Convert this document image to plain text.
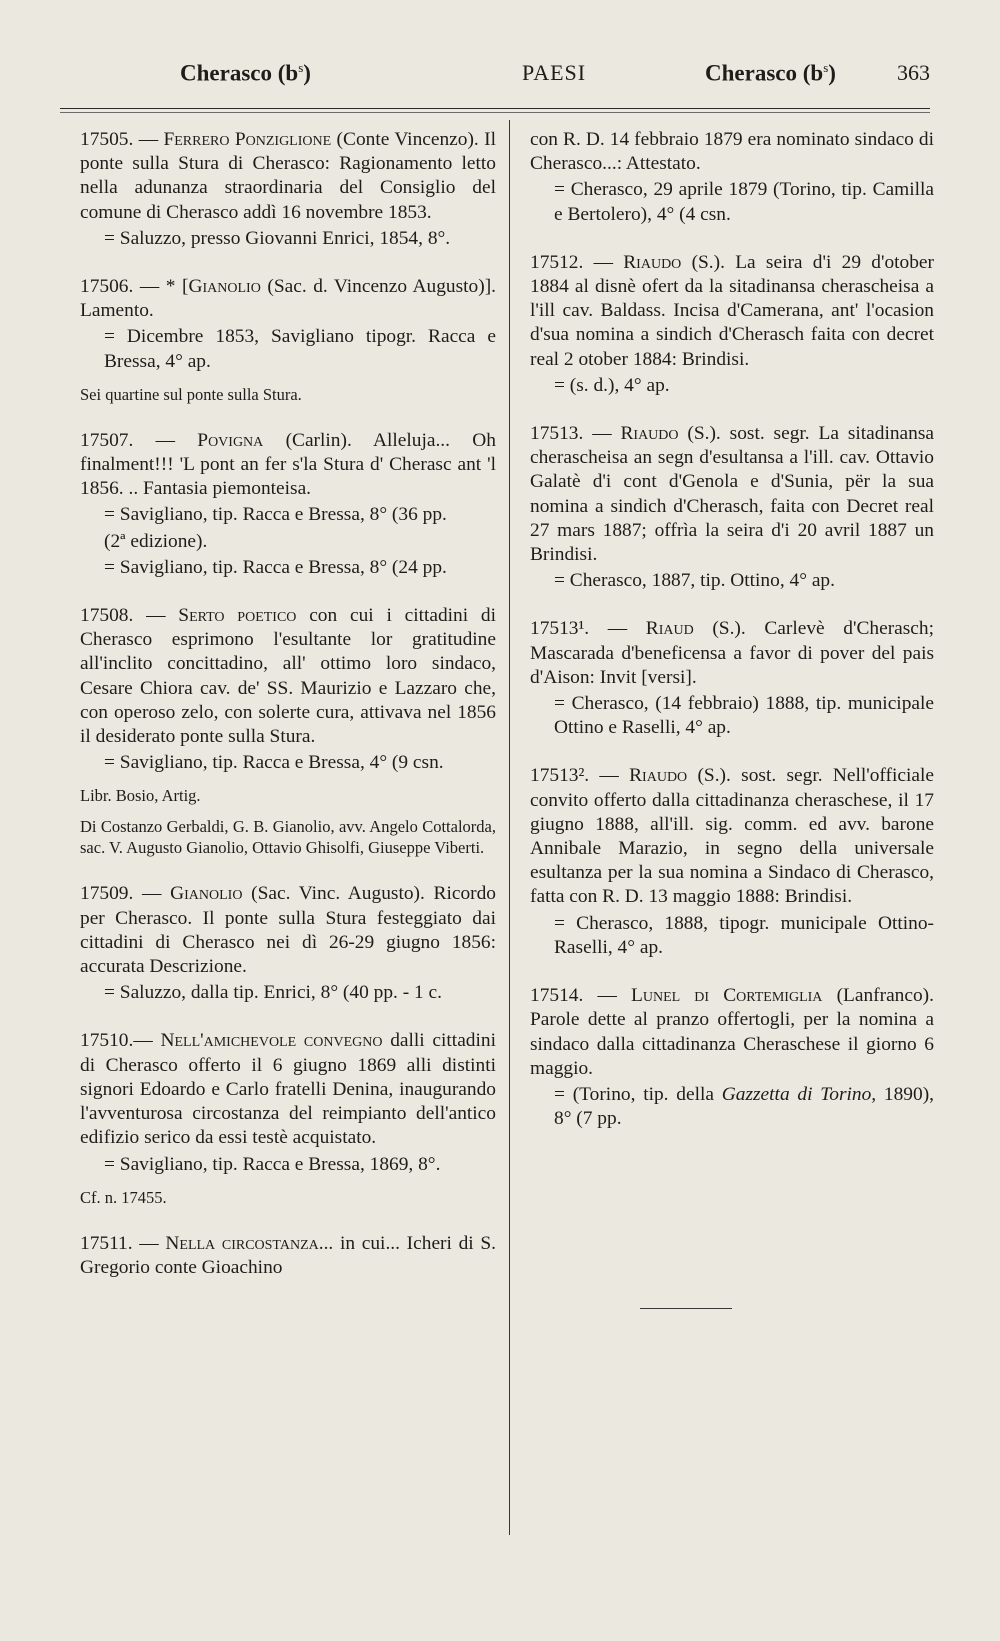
Cherasco $(b^s)$	PAESI	Cherasco $(b^s)$	363

17505. — Ferrero Ponziglione (Conte Vincenzo). Il ponte sulla Stura di Cherasco: Ragionamento letto nella adunanza straordinaria del Consiglio del comune di Cherasco addì 16 novembre 1853.

= Saluzzo, presso Giovanni Enrici, 1854, 8°.

17506. — * [Gianolio (Sac. d. Vincenzo Augusto)]. Lamento.

= Dicembre 1853, Savigliano tipogr. Racca e Bressa, 4° ap.

Sei quartine sul ponte sulla Stura.

17507. — Povigna (Carlin). Alleluja... Oh finalment!!! 'L pont an fer s'la Stura d' Cherasc ant 'l 1856. .. Fantasia piemonteisa.

= Savigliano, tip. Racca e Bressa, 8° (36 pp.

(2ª edizione).

= Savigliano, tip. Racca e Bressa, 8° (24 pp.

17508. — Serto poetico con cui i cittadini di Cherasco esprimono l'esultante lor gratitudine all'inclito concittadino, all' ottimo loro sindaco, Cesare Chiora cav. de' SS. Maurizio e Lazzaro che, con operoso zelo, con solerte cura, attivava nel 1856 il desiderato ponte sulla Stura.

= Savigliano, tip. Racca e Bressa, 4° (9 csn.

Libr. Bosio, Artig.

Di Costanzo Gerbaldi, G. B. Gianolio, avv. Angelo Cottalorda, sac. V. Augusto Gianolio, Ottavio Ghisolfi, Giuseppe Viberti.

17509. — Gianolio (Sac. Vinc. Augusto). Ricordo per Cherasco. Il ponte sulla Stura festeggiato dai cittadini di Cherasco nei dì 26-29 giugno 1856: accurata Descrizione.

= Saluzzo, dalla tip. Enrici, 8° (40 pp. - 1 c.

17510.— Nell'amichevole convegno dalli cittadini di Cherasco offerto il 6 giugno 1869 alli distinti signori Edoardo e Carlo fratelli Denina, inaugurando l'avventurosa circostanza del reimpianto dell'antico edifizio serico da essi testè acquistato.

= Savigliano, tip. Racca e Bressa, 1869, 8°.

Cf. n. 17455.

17511. — Nella circostanza... in cui... Icheri di S. Gregorio conte Gioachino

con R. D. 14 febbraio 1879 era nominato sindaco di Cherasco...: Attestato.

= Cherasco, 29 aprile 1879 (Torino, tip. Camilla e Bertolero), 4° (4 csn.

17512. — Riaudo (S.). La seira d'i 29 d'otober 1884 al disnè ofert da la sitadinansa cherascheisa a l'ill cav. Baldass. Incisa d'Camerana, ant' l'ocasion d'sua nomina a sindich d'Cherasch faita con decret real 2 otober 1884: Brindisi.

= (s. d.), 4° ap.

17513. — Riaudo (S.). sost. segr. La sitadinansa cherascheisa an segn d'esultansa a l'ill. cav. Ottavio Galatè d'i cont d'Genola e d'Sunia, për la sua nomina a sindich d'Cherasch, faita con Decret real 27 mars 1887; offrìa la seira d'i 20 avril 1887 un Brindisi.

= Cherasco, 1887, tip. Ottino, 4° ap.

17513¹. — Riaud (S.). Carlevè d'Cherasch; Mascarada d'beneficensa a favor di pover del pais d'Aison: Invit [versi].

= Cherasco, (14 febbraio) 1888, tip. municipale Ottino e Raselli, 4° ap.

17513². — Riaudo (S.). sost. segr. Nell'officiale convito offerto dalla cittadinanza cheraschese, il 17 giugno 1888, all'ill. sig. comm. ed avv. barone Annibale Marazio, in segno della universale esultanza per la sua nomina a Sindaco di Cherasco, fatta con R. D. 13 maggio 1888: Brindisi.

= Cherasco, 1888, tipogr. municipale Ottino-Raselli, 4° ap.

17514. — Lunel di Cortemiglia (Lanfranco). Parole dette al pranzo offertogli, per la nomina a sindaco dalla cittadinanza Cheraschese il giorno 6 maggio.

= (Torino, tip. della Gazzetta di Torino, 1890), 8° (7 pp.
